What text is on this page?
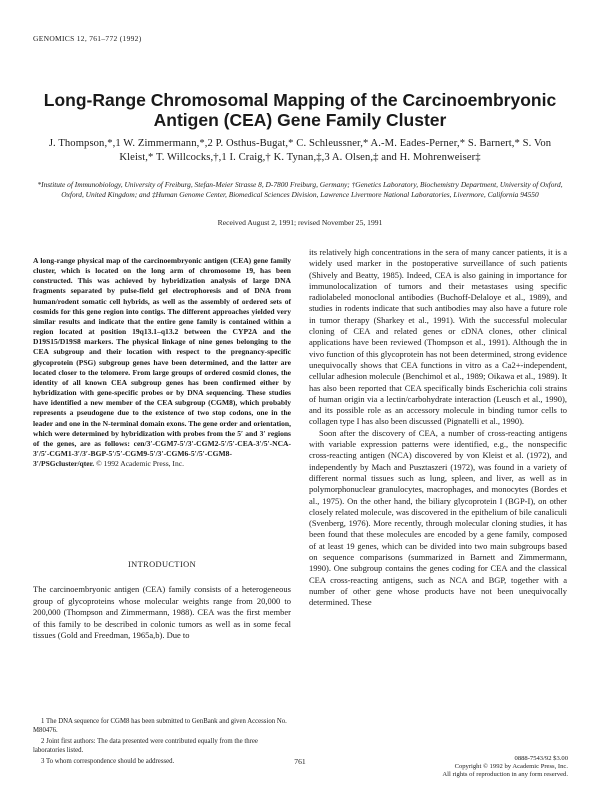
GENOMICS 12, 761–772 (1992)
Long-Range Chromosomal Mapping of the Carcinoembryonic Antigen (CEA) Gene Family Cluster
J. Thompson,*,1 W. Zimmermann,*,2 P. Osthus-Bugat,* C. Schleussner,* A.-M. Eades-Perner,* S. Barnert,* S. Von Kleist,* T. Willcocks,†,1 I. Craig,† K. Tynan,‡,3 A. Olsen,‡ and H. Mohrenweiser‡
*Institute of Immunobiology, University of Freiburg, Stefan-Meier Strasse 8, D-7800 Freiburg, Germany; †Genetics Laboratory, Biochemistry Department, University of Oxford, Oxford, United Kingdom; and ‡Human Genome Center, Biomedical Sciences Division, Lawrence Livermore National Laboratories, Livermore, California 94550
Received August 2, 1991; revised November 25, 1991

A long-range physical map of the carcinoembryonic antigen (CEA) gene family cluster, which is located on the long arm of chromosome 19, has been constructed. This was achieved by hybridization analysis of large DNA fragments separated by pulse-field gel electrophoresis and of DNA from human/rodent somatic cell hybrids, as well as the assembly of ordered sets of cosmids for this gene region into contigs. The different approaches yielded very similar results and indicate that the entire gene family is contained within a region located at position 19q13.1–q13.2 between the CYP2A and the D19S15/D19S8 markers. The physical linkage of nine genes belonging to the CEA subgroup and their location with respect to the pregnancy-specific glycoprotein (PSG) subgroup genes have been determined, and the latter are located closer to the telomere. From large groups of ordered cosmid clones, the identity of all known CEA subgroup genes has been confirmed either by hybridization with gene-specific probes or by DNA sequencing. These studies have identified a new member of the CEA subgroup (CGM8), which probably represents a pseudogene due to the existence of two stop codons, one in the leader and one in the N-terminal domain exons. The gene order and orientation, which were determined by hybridization with probes from the 5′ and 3′ regions of the genes, are as follows: cen/3′-CGM7-5′/3′-CGM2-5′/5′-CEA-3′/5′-NCA-3′/5′-CGM1-3′/3′-BGP-5′/5′-CGM9-5′/3′-CGM6-5′/5′-CGM8-3′/PSGcluster/qter. © 1992 Academic Press, Inc.

INTRODUCTION

The carcinoembryonic antigen (CEA) family consists of a heterogeneous group of glycoproteins whose molecular weights range from 20,000 to 200,000 (Thompson and Zimmermann, 1988). CEA was the first member of this family to be described in colonic tumors as well as in some fecal tissues (Gold and Freedman, 1965a,b). Due to

1 The DNA sequence for CGM8 has been submitted to GenBank and given Accession No. M80476.

2 Joint first authors: The data presented were contributed equally from the three laboratories listed.

3 To whom correspondence should be addressed.

its relatively high concentrations in the sera of many cancer patients, it is a widely used marker in the postoperative surveillance of such patients (Shively and Beatty, 1985). Indeed, CEA is also gaining in importance for immunolocalization of tumors and their metastases using specific radiolabeled monoclonal antibodies (Buchoff-Delaloye et al., 1989), and studies in rodents indicate that such antibodies may also have a future role in tumor therapy (Sharkey et al., 1991). With the successful molecular cloning of CEA and related genes or cDNA clones, other clinical applications have been reviewed (Thompson et al., 1991). Although the in vivo function of this glycoprotein has not been determined, strong evidence unequivocally shows that CEA functions in vitro as a Ca2+-independent, cellular adhesion molecule (Benchimol et al., 1989; Oikawa et al., 1989). It has also been reported that CEA specifically binds Escherichia coli strains of human origin via a lectin/carbohydrate interaction (Leusch et al., 1990), and its possible role as an accessory molecule in binding tumor cells to collagen type I has also been discussed (Pignatelli et al., 1990).

Soon after the discovery of CEA, a number of cross-reacting antigens with variable expression patterns were identified, e.g., the nonspecific cross-reacting antigen (NCA) discovered by von Kleist et al. (1972), and independently by Mach and Pusztaszeri (1972), was found in a variety of different normal tissues such as lung, spleen, and liver, as well as in polymorphonuclear granulocytes, macrophages, and monocytes (Bordes et al., 1975). On the other hand, the biliary glycoprotein I (BGP-I), on other closely related molecule, was discovered in the epithelium of bile canaliculi (Svenberg, 1976). More recently, through molecular cloning studies, it has been found that these molecules are encoded by a gene family, composed of at least 19 genes, which can be divided into two main subgroups based on sequence comparisons (summarized in Barnett and Zimmermann, 1990). One subgroup contains the genes coding for CEA and the classical CEA cross-reacting antigens, such as NCA and BGP, together with a number of other gene whose products have not been unequivocally determined. These

761	0888-7543/92 $3.00
Copyright © 1992 by Academic Press, Inc.
All rights of reproduction in any form reserved.
